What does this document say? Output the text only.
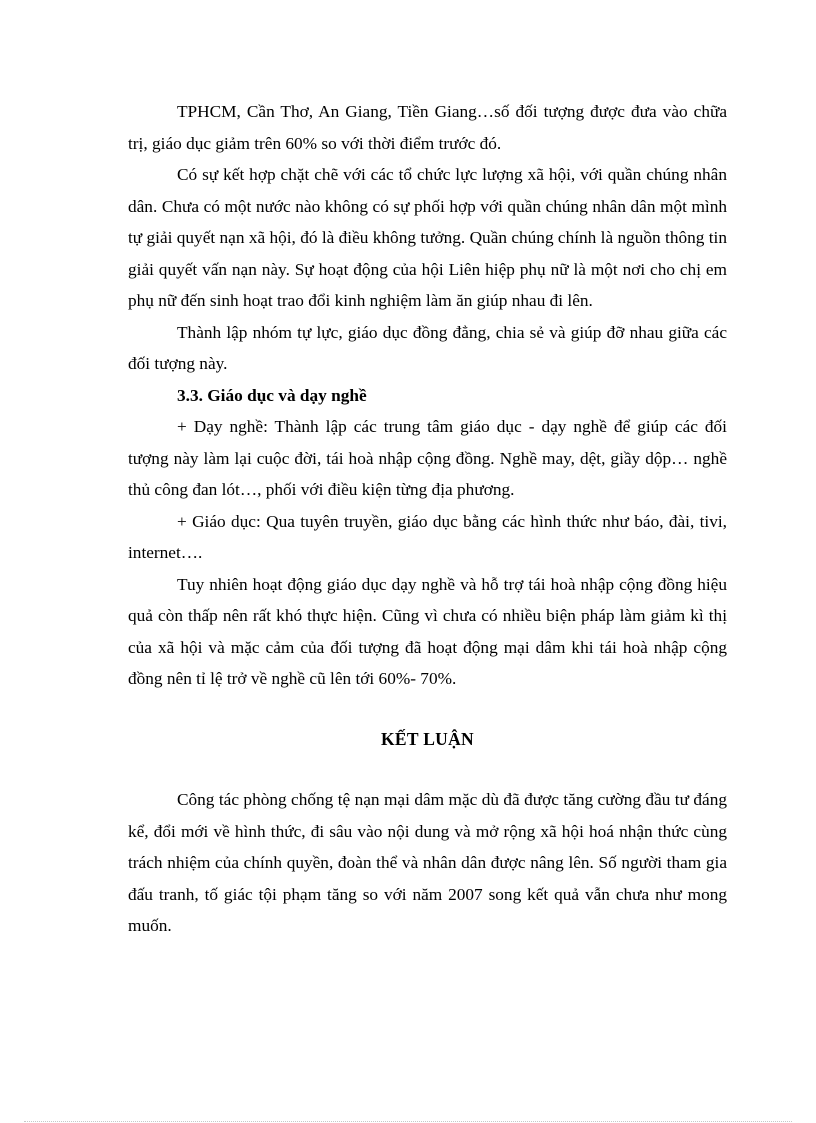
TPHCM, Cần Thơ, An Giang, Tiền Giang…số đối tượng được đưa vào chữa trị, giáo dục giảm trên 60% so với thời điểm trước đó.

Có sự kết hợp chặt chẽ với các tổ chức lực lượng xã hội, với quần chúng nhân dân. Chưa có một nước nào không có sự phối hợp với quần chúng nhân dân một mình tự giải quyết nạn xã hội, đó là điều không tưởng. Quần chúng chính là nguồn thông tin giải quyết vấn nạn này. Sự hoạt động của hội Liên hiệp phụ nữ là một nơi cho chị em phụ nữ đến sinh hoạt trao đổi kinh nghiệm làm ăn giúp nhau đi lên.

Thành lập nhóm tự lực, giáo dục đồng đẳng, chia sẻ và giúp đỡ nhau giữa các đối tượng này.

3.3. Giáo dục và dạy nghề

+ Dạy nghề: Thành lập các trung tâm giáo dục - dạy nghề để giúp các đối tượng này làm lại cuộc đời, tái hoà nhập cộng đồng. Nghề may, dệt, giầy dộp… nghề thủ công đan lót…, phối với điều kiện từng địa phương.

+ Giáo dục: Qua tuyên truyền, giáo dục bằng các hình thức như báo, đài, tivi, internet….

Tuy nhiên hoạt động giáo dục dạy nghề và hỗ trợ tái hoà nhập cộng đồng hiệu quả còn thấp nên rất khó thực hiện. Cũng vì chưa có nhiều biện pháp làm giảm kì thị của xã hội và mặc cảm của đối tượng đã hoạt động mại dâm khi tái hoà nhập cộng đồng nên tỉ lệ trở về nghề cũ lên tới 60%- 70%.

KẾT LUẬN

Công tác phòng chống tệ nạn mại dâm mặc dù đã được tăng cường đầu tư đáng kể, đổi mới về hình thức, đi sâu vào nội dung và mở rộng xã hội hoá nhận thức cùng trách nhiệm của chính quyền, đoàn thể và nhân dân được nâng lên. Số người tham gia đấu tranh, tố giác tội phạm tăng so với năm 2007 song kết quả vẫn chưa như mong muốn.
